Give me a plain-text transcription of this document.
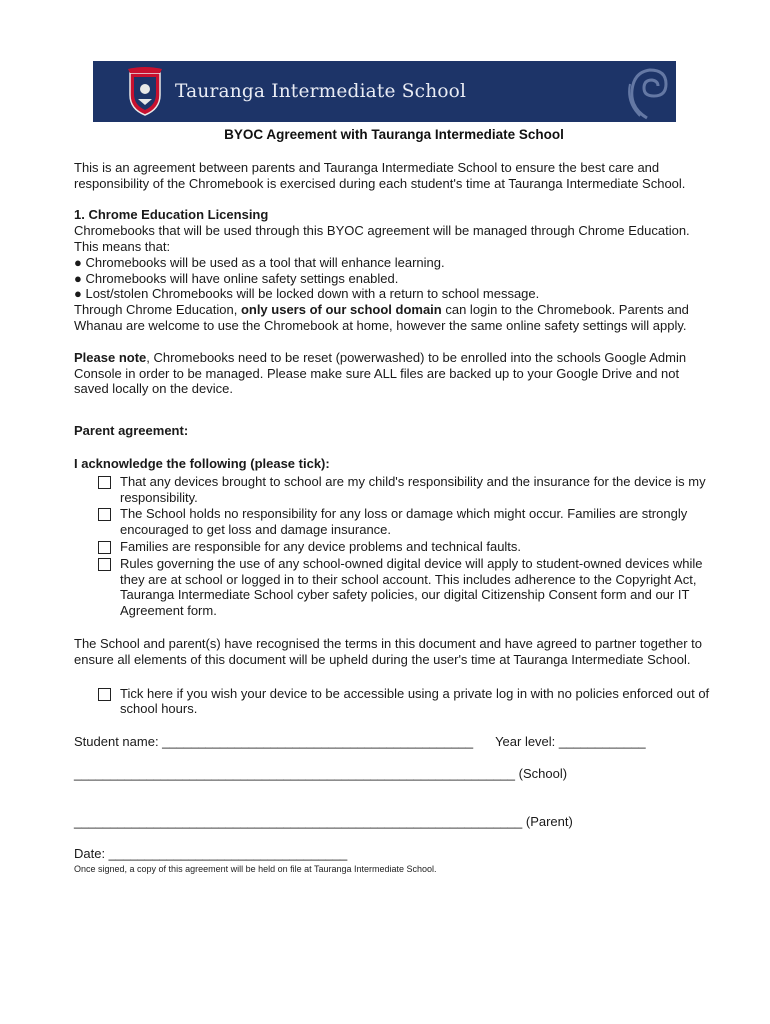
Tauranga Intermediate School
BYOC Agreement with Tauranga Intermediate School

This is an agreement between parents and Tauranga Intermediate School to ensure the best care and responsibility of the Chromebook is exercised during each student's time at Tauranga Intermediate School.

1. Chrome Education Licensing
Chromebooks that will be used through this BYOC agreement will be managed through Chrome Education. This means that:
● Chromebooks will be used as a tool that will enhance learning.
● Chromebooks will have online safety settings enabled.
● Lost/stolen Chromebooks will be locked down with a return to school message.

Through Chrome Education, only users of our school domain can login to the Chromebook. Parents and Whanau are welcome to use the Chromebook at home, however the same online safety settings will apply.

Please note, Chromebooks need to be reset (powerwashed) to be enrolled into the schools Google Admin Console in order to be managed. Please make sure ALL files are backed up to your Google Drive and not saved locally on the device.

Parent agreement:
I acknowledge the following (please tick):
That any devices brought to school are my child's responsibility and the insurance for the device is my responsibility.
The School holds no responsibility for any loss or damage which might occur. Families are strongly encouraged to get loss and damage insurance.
Families are responsible for any device problems and technical faults.
Rules governing the use of any school-owned digital device will apply to student-owned devices while they are at school or logged in to their school account. This includes adherence to the Copyright Act, Tauranga Intermediate School cyber safety policies, our digital Citizenship Consent form and our IT Agreement form.

The School and parent(s) have recognised the terms in this document and have agreed to partner together to ensure all elements of this document will be upheld during the user's time at Tauranga Intermediate School.

Tick here if you wish your device to be accessible using a private log in with no policies enforced out of school hours.
Student name: ___________________________________________ Year level: ____________
_____________________________________________________________ (School)
______________________________________________________________ (Parent)
Date: _________________________________
Once signed, a copy of this agreement will be held on file at Tauranga Intermediate School.
